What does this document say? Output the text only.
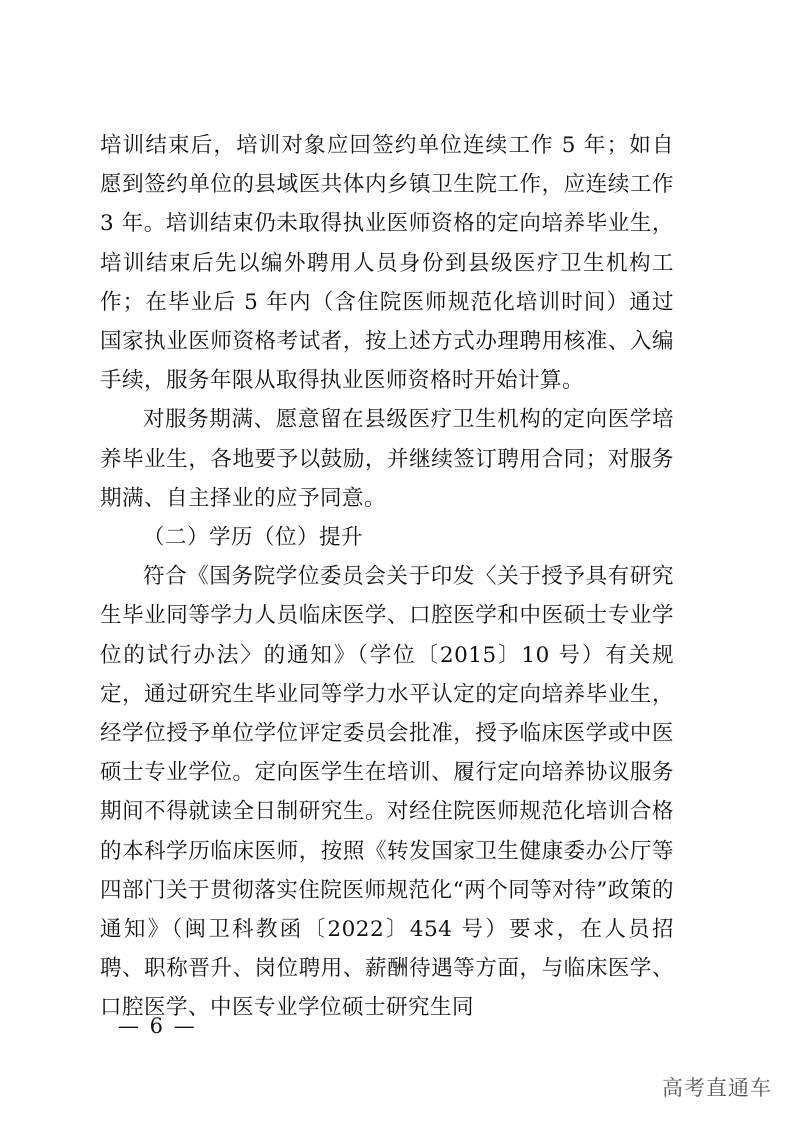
培训结束后，培训对象应回签约单位连续工作 5 年；如自愿到签约单位的县域医共体内乡镇卫生院工作，应连续工作 3 年。培训结束仍未取得执业医师资格的定向培养毕业生，培训结束后先以编外聘用人员身份到县级医疗卫生机构工作；在毕业后 5 年内（含住院医师规范化培训时间）通过国家执业医师资格考试者，按上述方式办理聘用核准、入编手续，服务年限从取得执业医师资格时开始计算。

对服务期满、愿意留在县级医疗卫生机构的定向医学培养毕业生，各地要予以鼓励，并继续签订聘用合同；对服务期满、自主择业的应予同意。

（二）学历（位）提升

符合《国务院学位委员会关于印发〈关于授予具有研究生毕业同等学力人员临床医学、口腔医学和中医硕士专业学位的试行办法〉的通知》（学位〔2015〕10 号）有关规定，通过研究生毕业同等学力水平认定的定向培养毕业生，经学位授予单位学位评定委员会批准，授予临床医学或中医硕士专业学位。定向医学生在培训、履行定向培养协议服务期间不得就读全日制研究生。对经住院医师规范化培训合格的本科学历临床医师，按照《转发国家卫生健康委办公厅等四部门关于贯彻落实住院医师规范化“两个同等对待”政策的通知》（闽卫科教函〔2022〕454 号）要求，在人员招聘、职称晋升、岗位聘用、薪酬待遇等方面，与临床医学、口腔医学、中医专业学位硕士研究生同

— 6 —
高考直通车
